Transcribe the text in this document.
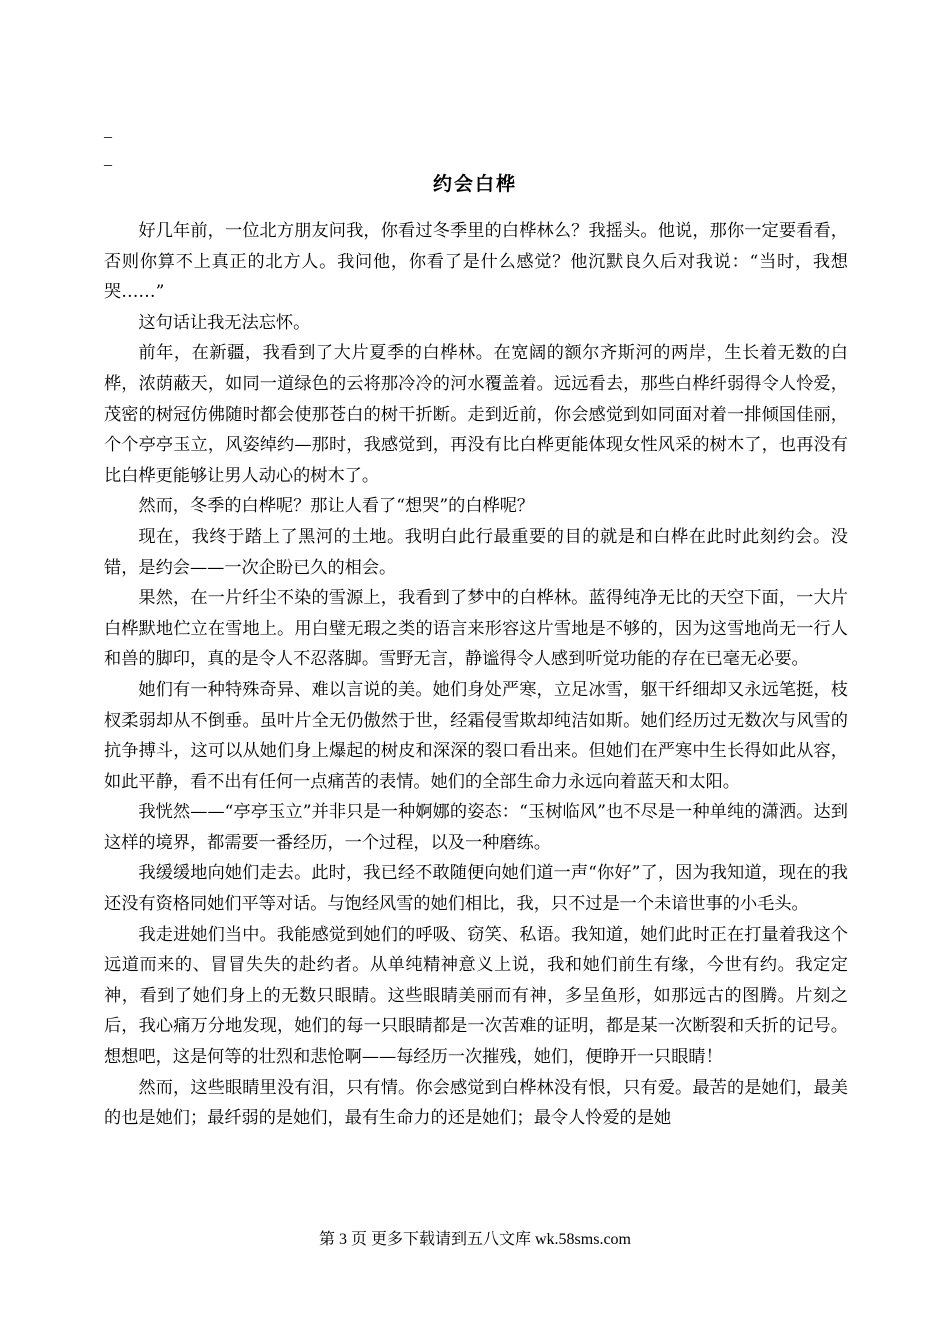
_
_
约会白桦

好几年前，一位北方朋友问我，你看过冬季里的白桦林么？我摇头。他说，那你一定要看看，否则你算不上真正的北方人。我问他，你看了是什么感觉？他沉默良久后对我说：“当时，我想哭……”

这句话让我无法忘怀。

前年，在新疆，我看到了大片夏季的白桦林。在宽阔的额尔齐斯河的两岸，生长着无数的白桦，浓荫蔽天，如同一道绿色的云将那冷冷的河水覆盖着。远远看去，那些白桦纤弱得令人怜爱，茂密的树冠仿佛随时都会使那苍白的树干折断。走到近前，你会感觉到如同面对着一排倾国佳丽，个个亭亭玉立，风姿绰约—那时，我感觉到，再没有比白桦更能体现女性风采的树木了，也再没有比白桦更能够让男人动心的树木了。

然而，冬季的白桦呢？那让人看了“想哭”的白桦呢？

现在，我终于踏上了黑河的土地。我明白此行最重要的目的就是和白桦在此时此刻约会。没错，是约会——一次企盼已久的相会。

果然，在一片纤尘不染的雪源上，我看到了梦中的白桦林。蓝得纯净无比的天空下面，一大片白桦默地伫立在雪地上。用白璧无瑕之类的语言来形容这片雪地是不够的，因为这雪地尚无一行人和兽的脚印，真的是令人不忍落脚。雪野无言，静谧得令人感到听觉功能的存在已毫无必要。

她们有一种特殊奇异、难以言说的美。她们身处严寒，立足冰雪，躯干纤细却又永远笔挺，枝杈柔弱却从不倒垂。虽叶片全无仍傲然于世，经霜侵雪欺却纯洁如斯。她们经历过无数次与风雪的抗争搏斗，这可以从她们身上爆起的树皮和深深的裂口看出来。但她们在严寒中生长得如此从容，如此平静，看不出有任何一点痛苦的表情。她们的全部生命力永远向着蓝天和太阳。

我恍然——“亭亭玉立”并非只是一种婀娜的姿态：“玉树临风”也不尽是一种单纯的潇洒。达到这样的境界，都需要一番经历，一个过程，以及一种磨练。

我缓缓地向她们走去。此时，我已经不敢随便向她们道一声“你好”了，因为我知道，现在的我还没有资格同她们平等对话。与饱经风雪的她们相比，我，只不过是一个未谙世事的小毛头。

我走进她们当中。我能感觉到她们的呼吸、窃笑、私语。我知道，她们此时正在打量着我这个远道而来的、冒冒失失的赴约者。从单纯精神意义上说，我和她们前生有缘，今世有约。我定定神，看到了她们身上的无数只眼睛。这些眼睛美丽而有神，多呈鱼形，如那远古的图腾。片刻之后，我心痛万分地发现，她们的每一只眼睛都是一次苦难的证明，都是某一次断裂和夭折的记号。想想吧，这是何等的壮烈和悲怆啊——每经历一次摧残，她们，便睁开一只眼睛！

然而，这些眼睛里没有泪，只有情。你会感觉到白桦林没有恨，只有爱。最苦的是她们，最美的也是她们；最纤弱的是她们，最有生命力的还是她们；最令人怜爱的是她

第 3 页 更多下载请到五八文库 wk.58sms.com
